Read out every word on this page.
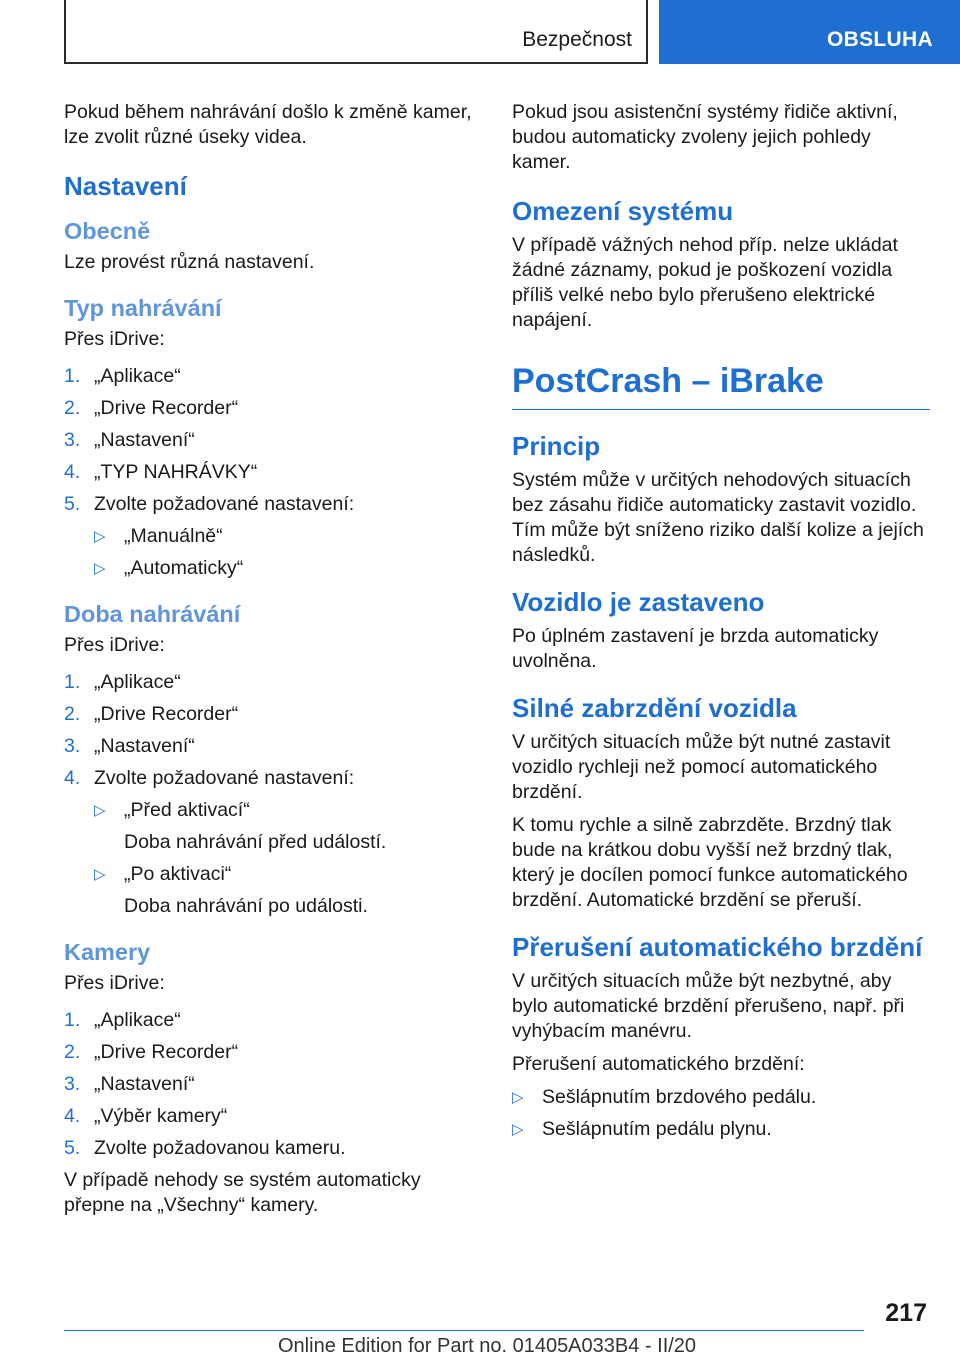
Bezpečnost	OBSLUHA

Pokud během nahrávání došlo k změně kamer, lze zvolit různé úseky videa.

Nastavení
Obecně

Lze provést různá nastavení.

Typ nahrávání

Přes iDrive:

1. „Aplikace“
2. „Drive Recorder“
3. „Nastavení“
4. „TYP NAHRÁVKY“
5. Zvolte požadované nastavení:
▷ „Manuálně“
▷ „Automaticky“
Doba nahrávání

Přes iDrive:

1. „Aplikace“
2. „Drive Recorder“
3. „Nastavení“
4. Zvolte požadované nastavení:
▷ „Před aktivací“
Doba nahrávání před událostí.
▷ „Po aktivaci“
Doba nahrávání po události.
Kamery

Přes iDrive:

1. „Aplikace“
2. „Drive Recorder“
3. „Nastavení“
4. „Výběr kamery“
5. Zvolte požadovanou kameru.

V případě nehody se systém automaticky přepne na „Všechny“ kamery.

Pokud jsou asistenční systémy řidiče aktivní, budou automaticky zvoleny jejich pohledy kamer.

Omezení systému

V případě vážných nehod příp. nelze ukládat žádné záznamy, pokud je poškození vozidla příliš velké nebo bylo přerušeno elektrické napájení.

PostCrash – iBrake
Princip

Systém může v určitých nehodových situacích bez zásahu řidiče automaticky zastavit vozidlo. Tím může být sníženo riziko další kolize a jejích následků.

Vozidlo je zastaveno

Po úplném zastavení je brzda automaticky uvolněna.

Silné zabrzdění vozidla

V určitých situacích může být nutné zastavit vozidlo rychleji než pomocí automatického brzdění.

K tomu rychle a silně zabrzděte. Brzdný tlak bude na krátkou dobu vyšší než brzdný tlak, který je docílen pomocí funkce automatického brzdění. Automatické brzdění se přeruší.

Přerušení automatického brzdění

V určitých situacích může být nezbytné, aby bylo automatické brzdění přerušeno, např. při vyhýbacím manévru.

Přerušení automatického brzdění:

▷ Sešlápnutím brzdového pedálu.
▷ Sešlápnutím pedálu plynu.
217
Online Edition for Part no. 01405A033B4 - II/20
